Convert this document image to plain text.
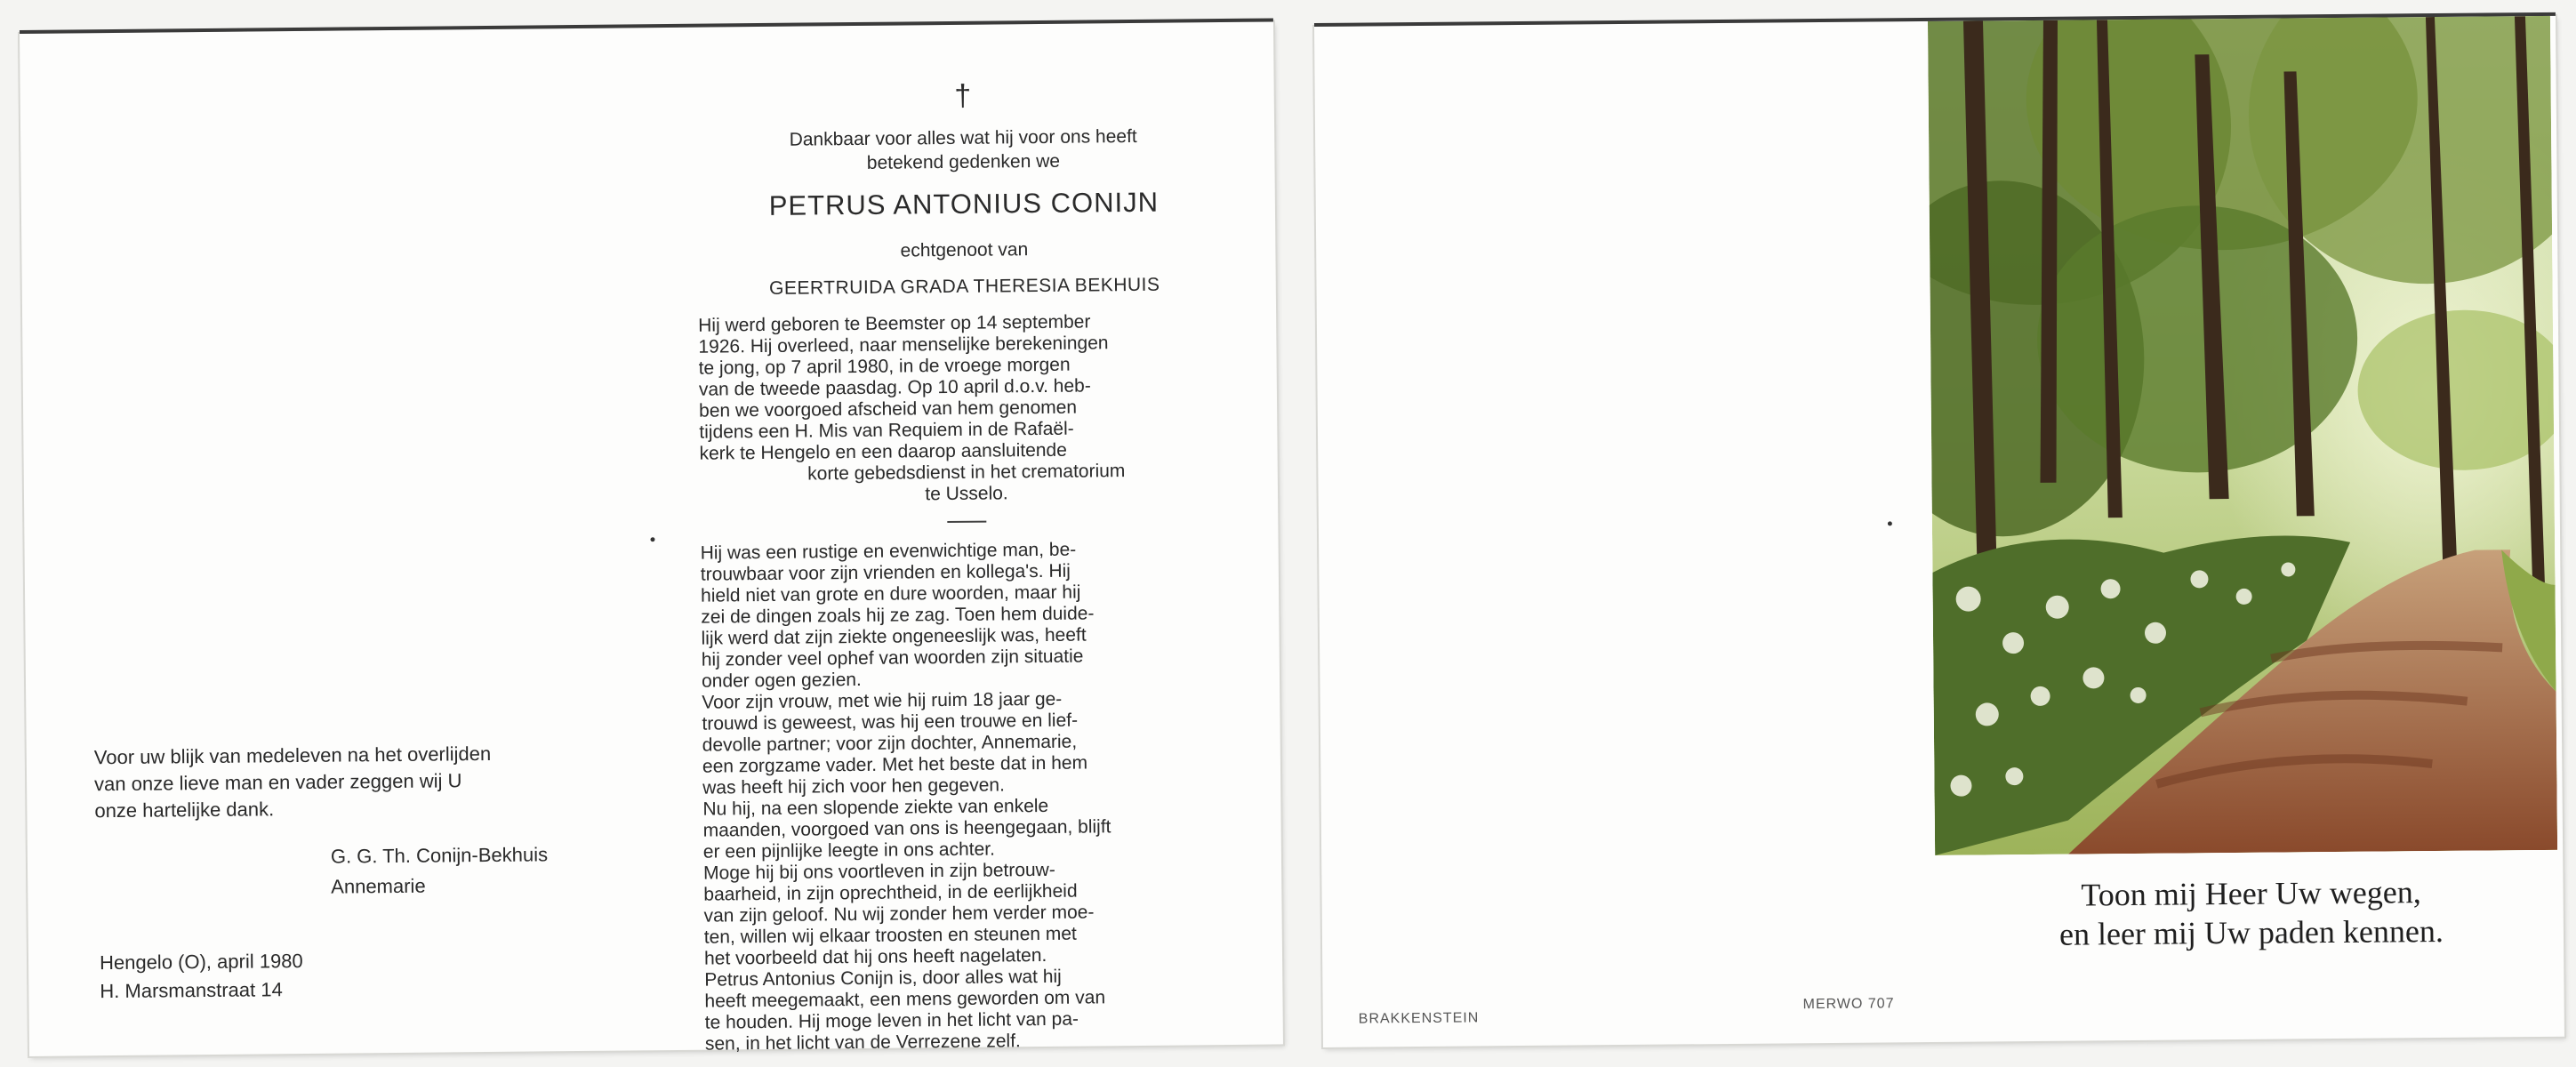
†
Dankbaar voor alles wat hij voor ons heeft
betekend gedenken we
PETRUS ANTONIUS CONIJN
echtgenoot van
GEERTRUIDA GRADA THERESIA BEKHUIS

Hij werd geboren te Beemster op 14 september

1926. Hij overleed, naar menselijke berekeningen

te jong, op 7 april 1980, in de vroege morgen

van de tweede paasdag. Op 10 april d.o.v. heb-

ben we voorgoed afscheid van hem genomen

tijdens een H. Mis van Requiem in de Rafaël-

kerk te Hengelo en een daarop aansluitende

korte gebedsdienst in het crematorium

te Usselo.

Hij was een rustige en evenwichtige man, be-

trouwbaar voor zijn vrienden en kollega's. Hij

hield niet van grote en dure woorden, maar hij

zei de dingen zoals hij ze zag. Toen hem duide-

lijk werd dat zijn ziekte ongeneeslijk was, heeft

hij zonder veel ophef van woorden zijn situatie

onder ogen gezien.

Voor zijn vrouw, met wie hij ruim 18 jaar ge-

trouwd is geweest, was hij een trouwe en lief-

devolle partner; voor zijn dochter, Annemarie,

een zorgzame vader. Met het beste dat in hem

was heeft hij zich voor hen gegeven.

Nu hij, na een slopende ziekte van enkele

maanden, voorgoed van ons is heengegaan, blijft

er een pijnlijke leegte in ons achter.

Moge hij bij ons voortleven in zijn betrouw-

baarheid, in zijn oprechtheid, in de eerlijkheid

van zijn geloof. Nu wij zonder hem verder moe-

ten, willen wij elkaar troosten en steunen met

het voorbeeld dat hij ons heeft nagelaten.

Petrus Antonius Conijn is, door alles wat hij

heeft meegemaakt, een mens geworden om van

te houden. Hij moge leven in het licht van pa-

sen, in het licht van de Verrezene zelf.

Voor uw blijk van medeleven na het overlijden
van onze lieve man en vader zeggen wij U
onze hartelijke dank.
G. G. Th. Conijn-Bekhuis
Annemarie
Hengelo (O), april 1980
H. Marsmanstraat 14
Toon mij Heer Uw wegen,
en leer mij Uw paden kennen.
BRAKKENSTEIN
MERWO 707
